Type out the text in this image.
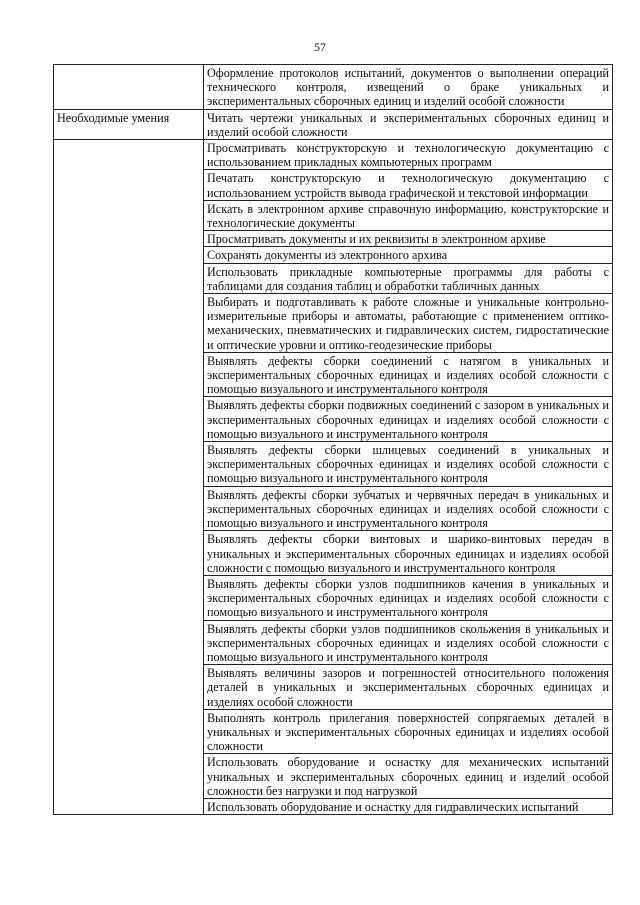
57
	Оформление протоколов испытаний, документов о выполнении операций технического контроля, извещений о браке уникальных и экспериментальных сборочных единиц и изделий особой сложности
Необходимые умения	Читать чертежи уникальных и экспериментальных сборочных единиц и изделий особой сложности
	Просматривать конструкторскую и технологическую документацию с использованием прикладных компьютерных программ
	Печатать конструкторскую и технологическую документацию с использованием устройств вывода графической и текстовой информации
	Искать в электронном архиве справочную информацию, конструкторские и технологические документы
	Просматривать документы и их реквизиты в электронном архиве
	Сохранять документы из электронного архива
	Использовать прикладные компьютерные программы для работы с таблицами для создания таблиц и обработки табличных данных
	Выбирать и подготавливать к работе сложные и уникальные контрольно-измерительные приборы и автоматы, работающие с применением оптико-механических, пневматических и гидравлических систем, гидростатические и оптические уровни и оптико-геодезические приборы
	Выявлять дефекты сборки соединений с натягом в уникальных и экспериментальных сборочных единицах и изделиях особой сложности с помощью визуального и инструментального контроля
	Выявлять дефекты сборки подвижных соединений с зазором в уникальных и экспериментальных сборочных единицах и изделиях особой сложности с помощью визуального и инструментального контроля
	Выявлять дефекты сборки шлицевых соединений в уникальных и экспериментальных сборочных единицах и изделиях особой сложности с помощью визуального и инструментального контроля
	Выявлять дефекты сборки зубчатых и червячных передач в уникальных и экспериментальных сборочных единицах и изделиях особой сложности с помощью визуального и инструментального контроля
	Выявлять дефекты сборки винтовых и шарико-винтовых передач в уникальных и экспериментальных сборочных единицах и изделиях особой сложности с помощью визуального и инструментального контроля
	Выявлять дефекты сборки узлов подшипников качения в уникальных и экспериментальных сборочных единицах и изделиях особой сложности с помощью визуального и инструментального контроля
	Выявлять дефекты сборки узлов подшипников скольжения в уникальных и экспериментальных сборочных единицах и изделиях особой сложности с помощью визуального и инструментального контроля
	Выявлять величины зазоров и погрешностей относительного положения деталей в уникальных и экспериментальных сборочных единицах и изделиях особой сложности
	Выполнять контроль прилегания поверхностей сопрягаемых деталей в уникальных и экспериментальных сборочных единицах и изделиях особой сложности
	Использовать оборудование и оснастку для механических испытаний уникальных и экспериментальных сборочных единиц и изделий особой сложности без нагрузки и под нагрузкой
	Использовать оборудование и оснастку для гидравлических испытаний
